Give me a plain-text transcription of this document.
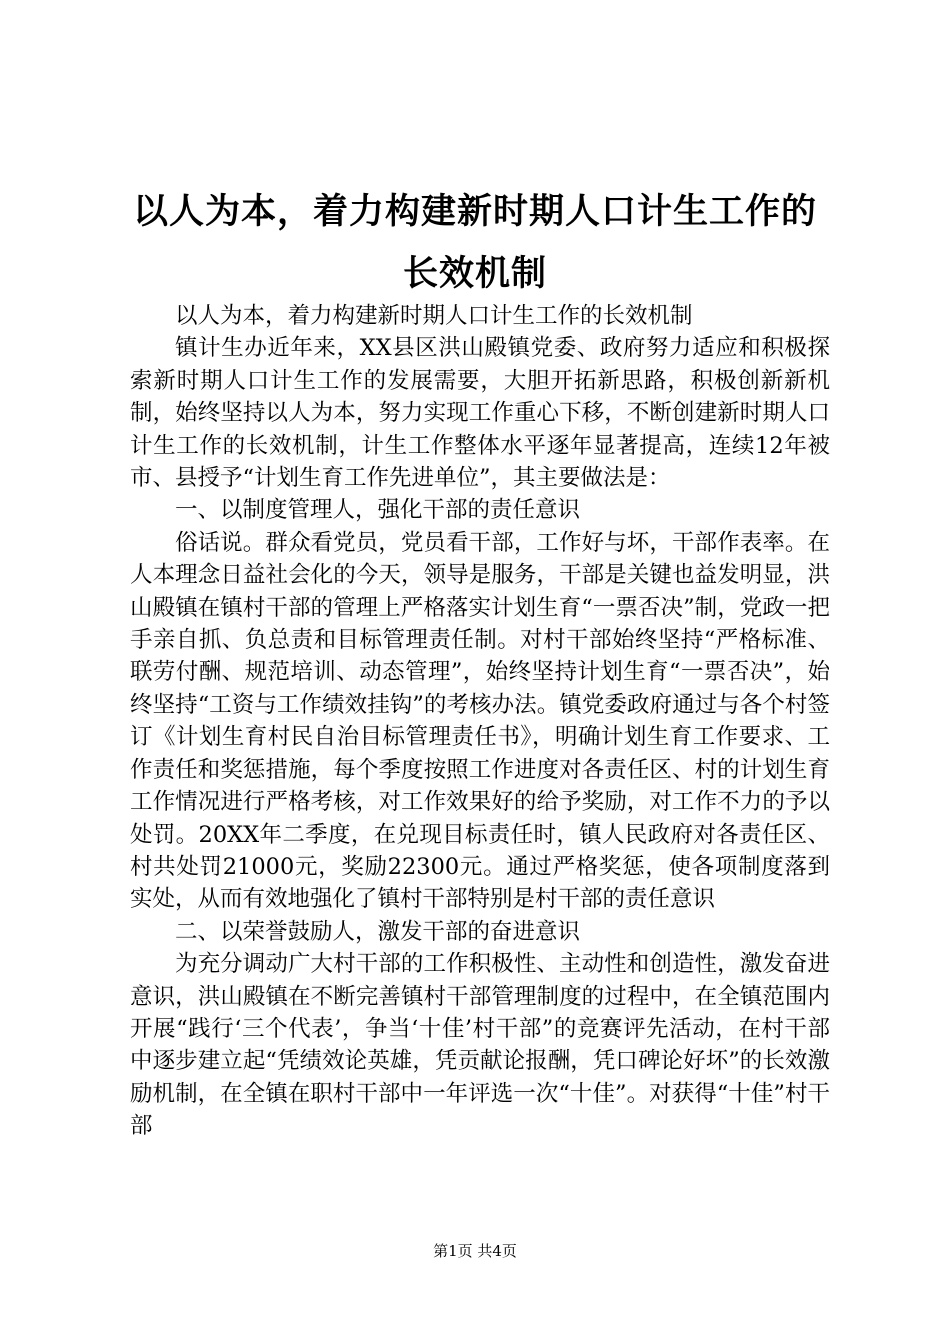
以人为本，着力构建新时期人口计生工作的长效机制

以人为本，着力构建新时期人口计生工作的长效机制

镇计生办近年来，XX县区洪山殿镇党委、政府努力适应和积极探索新时期人口计生工作的发展需要，大胆开拓新思路，积极创新新机制，始终坚持以人为本，努力实现工作重心下移，不断创建新时期人口计生工作的长效机制，计生工作整体水平逐年显著提高，连续12年被市、县授予“计划生育工作先进单位”，其主要做法是：

一、以制度管理人，强化干部的责任意识

俗话说。群众看党员，党员看干部，工作好与坏，干部作表率。在人本理念日益社会化的今天，领导是服务，干部是关键也益发明显，洪山殿镇在镇村干部的管理上严格落实计划生育“一票否决”制，党政一把手亲自抓、负总责和目标管理责任制。对村干部始终坚持“严格标准、联劳付酬、规范培训、动态管理”，始终坚持计划生育“一票否决”，始终坚持“工资与工作绩效挂钩”的考核办法。镇党委政府通过与各个村签订《计划生育村民自治目标管理责任书》，明确计划生育工作要求、工作责任和奖惩措施，每个季度按照工作进度对各责任区、村的计划生育工作情况进行严格考核，对工作效果好的给予奖励，对工作不力的予以处罚。20XX年二季度，在兑现目标责任时，镇人民政府对各责任区、村共处罚21000元，奖励22300元。通过严格奖惩，使各项制度落到实处，从而有效地强化了镇村干部特别是村干部的责任意识

二、以荣誉鼓励人，激发干部的奋进意识

为充分调动广大村干部的工作积极性、主动性和创造性，激发奋进意识，洪山殿镇在不断完善镇村干部管理制度的过程中，在全镇范围内开展“践行‘三个代表’，争当‘十佳’村干部”的竞赛评先活动，在村干部中逐步建立起“凭绩效论英雄，凭贡献论报酬，凭口碑论好坏”的长效激励机制，在全镇在职村干部中一年评选一次“十佳”。对获得“十佳”村干部

第1页 共4页
